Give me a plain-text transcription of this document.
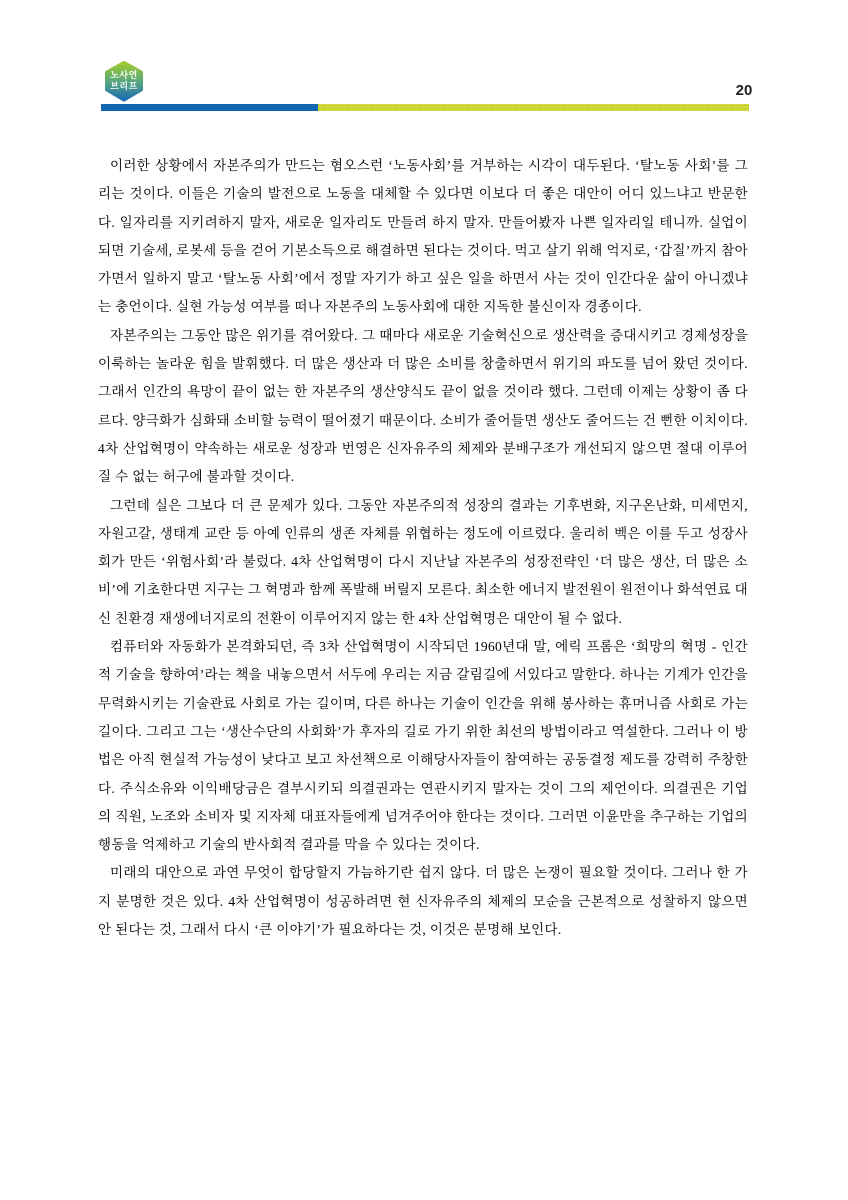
노사연
브리프	20

이러한 상황에서 자본주의가 만드는 혐오스런 ‘노동사회’를 거부하는 시각이 대두된다. ‘탈노동 사회’를 그리는 것이다. 이들은 기술의 발전으로 노동을 대체할 수 있다면 이보다 더 좋은 대안이 어디 있느냐고 반문한다. 일자리를 지키려하지 말자, 새로운 일자리도 만들려 하지 말자. 만들어봤자 나쁜 일자리일 테니까. 실업이 되면 기술세, 로봇세 등을 걷어 기본소득으로 해결하면 된다는 것이다. 먹고 살기 위해 억지로, ‘갑질’까지 참아가면서 일하지 말고 ‘탈노동 사회’에서 정말 자기가 하고 싶은 일을 하면서 사는 것이 인간다운 삶이 아니겠냐는 충언이다. 실현 가능성 여부를 떠나 자본주의 노동사회에 대한 지독한 불신이자 경종이다.

자본주의는 그동안 많은 위기를 겪어왔다. 그 때마다 새로운 기술혁신으로 생산력을 증대시키고 경제성장을 이룩하는 놀라운 힘을 발휘했다. 더 많은 생산과 더 많은 소비를 창출하면서 위기의 파도를 넘어 왔던 것이다. 그래서 인간의 욕망이 끝이 없는 한 자본주의 생산양식도 끝이 없을 것이라 했다. 그런데 이제는 상황이 좀 다르다. 양극화가 심화돼 소비할 능력이 떨어졌기 때문이다. 소비가 줄어들면 생산도 줄어드는 건 뻔한 이치이다. 4차 산업혁명이 약속하는 새로운 성장과 번영은 신자유주의 체제와 분배구조가 개선되지 않으면 절대 이루어질 수 없는 허구에 불과할 것이다.

그런데 실은 그보다 더 큰 문제가 있다. 그동안 자본주의적 성장의 결과는 기후변화, 지구온난화, 미세먼지, 자원고갈, 생태계 교란 등 아예 인류의 생존 자체를 위협하는 정도에 이르렀다. 울리히 벡은 이를 두고 성장사회가 만든 ‘위험사회’라 불렀다. 4차 산업혁명이 다시 지난날 자본주의 성장전략인 ‘더 많은 생산, 더 많은 소비’에 기초한다면 지구는 그 혁명과 함께 폭발해 버릴지 모른다. 최소한 에너지 발전원이 원전이나 화석연료 대신 친환경 재생에너지로의 전환이 이루어지지 않는 한 4차 산업혁명은 대안이 될 수 없다.

컴퓨터와 자동화가 본격화되던, 즉 3차 산업혁명이 시작되던 1960년대 말, 에릭 프롬은 ‘희망의 혁명 - 인간적 기술을 향하여’라는 책을 내놓으면서 서두에 우리는 지금 갈림길에 서있다고 말한다. 하나는 기계가 인간을 무력화시키는 기술관료 사회로 가는 길이며, 다른 하나는 기술이 인간을 위해 봉사하는 휴머니즘 사회로 가는 길이다. 그리고 그는 ‘생산수단의 사회화’가 후자의 길로 가기 위한 최선의 방법이라고 역설한다. 그러나 이 방법은 아직 현실적 가능성이 낮다고 보고 차선책으로 이해당사자들이 참여하는 공동결정 제도를 강력히 주창한다. 주식소유와 이익배당금은 결부시키되 의결권과는 연관시키지 말자는 것이 그의 제언이다. 의결권은 기업의 직원, 노조와 소비자 및 지자체 대표자들에게 넘겨주어야 한다는 것이다. 그러면 이윤만을 추구하는 기업의 행동을 억제하고 기술의 반사회적 결과를 막을 수 있다는 것이다.

미래의 대안으로 과연 무엇이 합당할지 가늠하기란 쉽지 않다. 더 많은 논쟁이 필요할 것이다. 그러나 한 가지 분명한 것은 있다. 4차 산업혁명이 성공하려면 현 신자유주의 체제의 모순을 근본적으로 성찰하지 않으면 안 된다는 것, 그래서 다시 ‘큰 이야기’가 필요하다는 것, 이것은 분명해 보인다.
